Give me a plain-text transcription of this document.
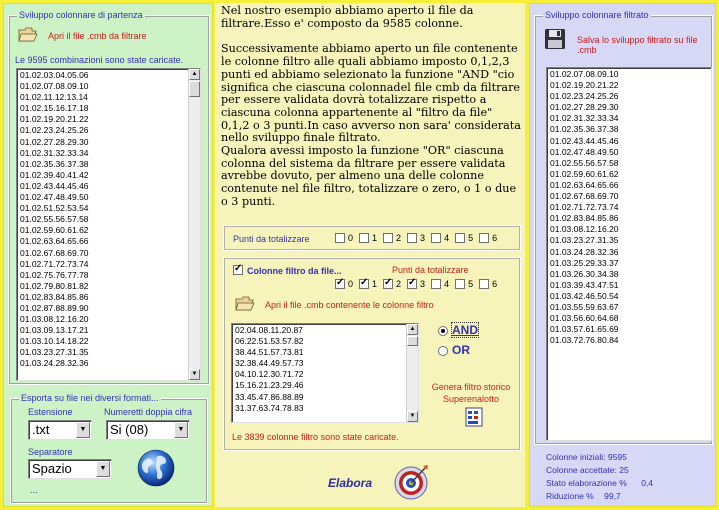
Sviluppo colonnare di partenza
Apri il file .cmb da filtrare
Le 9595 combinazioni sono state caricate.
01.02.03.04.05.06
01.02.07.08.09.10
01.02.11.12.13.14
01.02.15.16.17.18
01.02.19.20.21.22
01.02.23.24.25.26
01.02.27.28.29.30
01.02.31.32.33.34
01.02.35.36.37.38
01.02.39.40.41.42
01.02.43.44.45.46
01.02.47.48.49.50
01.02.51.52.53.54
01.02.55.56.57.58
01.02.59.60.61.62
01.02.63.64.65.66
01.02.67.68.69.70
01.02.71.72.73.74
01.02.75.76.77.78
01.02.79.80.81.82
01.02.83.84.85.86
01.02.87.88.89.90
01.03.08.12.16.20
01.03.09.13.17.21
01.03.10.14.18.22
01.03.23.27.31.35
01.03.24.28.32.36
▲
▼
Esporta su file nei diversi formati...
Estensione	Numeretti doppia cifra
.txt	▼	Si (08)	▼
Separatore
Spazio	▼
...

Nel nostro esempio abbiamo aperto il file da filtrare.Esso e' composto da 9585 colonne.

Successivamente abbiamo aperto un file contenente le colonne filtro alle quali abbiamo imposto 0,1,2,3 punti ed abbiamo selezionato la funzione "AND "cio significa che ciascuna colonnadel file cmb da filtrare per essere validata dovrà totalizzare rispetto a ciascuna colonna appartenente al "filtro da file" 0,1,2 o 3 punti.In caso avverso non sara' considerata nello sviluppo finale filtrato.

Qualora avessi imposto la funzione "OR" ciascuna colonna del sistema da filtrare per essere validata avrebbe dovuto, per almeno una delle colonne contenute nel file filtro, totalizzare o zero, o 1 o due o 3 punti.

Punti da totalizzare	0 1 2 3 4 5 6
✓
Colonne filtro da file...	Punti da totalizzare
✓0 ✓ 1 ✓ 2 ✓ 3 4 5 6
Apri il file .cmb contenente le colonne filtro
02.04.08.11.20.87
06.22.51.53.57.82
38.44.51.57.73.81
32.38.44.49.57.73
04.10.12.30.71.72
15.16.21.23.29.46
33.45.47.86.88.89
31.37.63.74.78.83
▲
▼
AND
OR
Genera filtro storico Superenalotto
Le 3839 colonne filtro sono state caricate.
Elabora
Sviluppo colonnare filtrato
Salva lo sviluppo filtrato su file .cmb
01.02.07.08.09.10
01.02.19.20.21.22
01.02.23.24.25.26
01.02.27.28.29.30
01.02.31.32.33.34
01.02.35.36.37.38
01.02.43.44.45.46
01.02.47.48.49.50
01.02.55.56.57.58
01.02.59.60.61.62
01.02.63.64.65.66
01.02.67.68.69.70
01.02.71.72.73.74
01.02.83.84.85.86
01.03.08.12.16.20
01.03.23.27.31.35
01.03.24.28.32.36
01.03.25.29.33.37
01.03.26.30.34.38
01.03.39.43.47.51
01.03.42.46.50.54
01.03.55.59.63.67
01.03.56.60.64.68
01.03.57.61.65.69
01.03.72.76.80.84
Colonne iniziali: 9595
Colonne accettate: 25
Stato elaborazione % 0,4
Riduzione % 99,7
